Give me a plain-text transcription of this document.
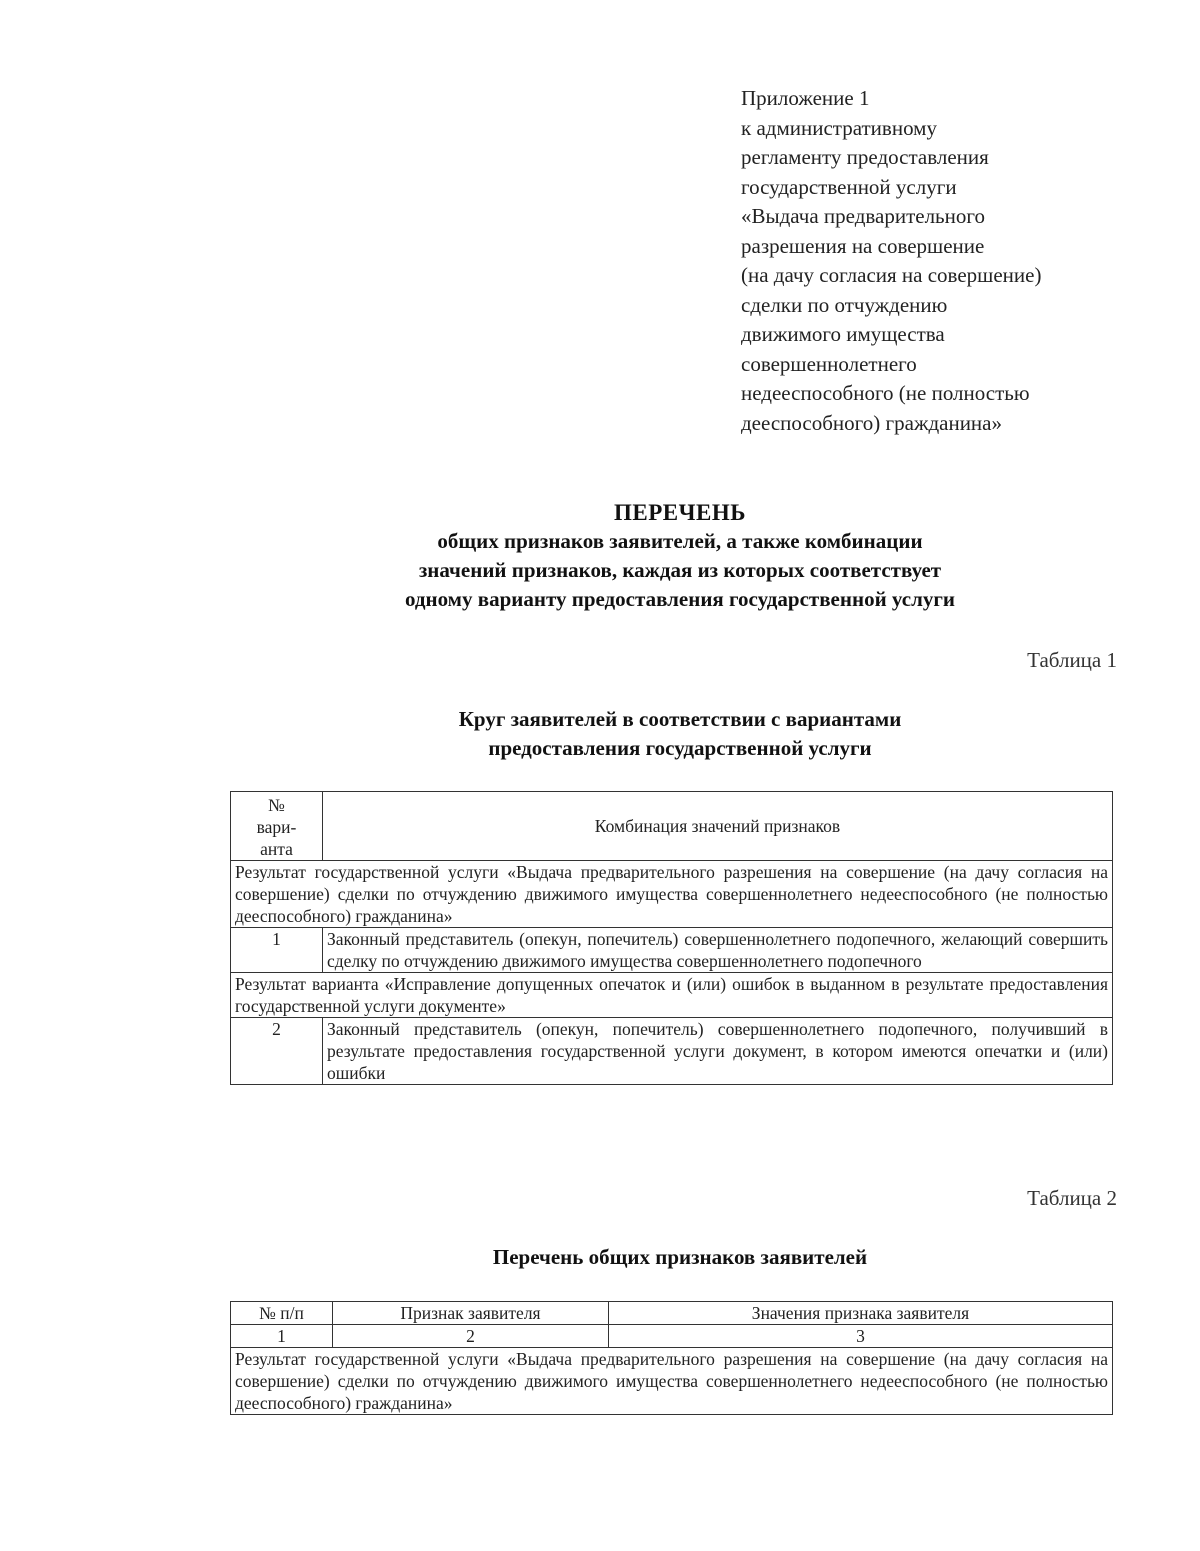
Приложение 1
к административному
регламенту предоставления
государственной услуги
«Выдача предварительного
разрешения на совершение
(на дачу согласия на совершение)
сделки по отчуждению
движимого имущества
совершеннолетнего
недееспособного (не полностью
дееспособного) гражданина»
ПЕРЕЧЕНЬ
общих признаков заявителей, а также комбинации
значений признаков, каждая из которых соответствует
одному варианту предоставления государственной услуги
Таблица 1
Круг заявителей в соответствии с вариантами
предоставления государственной услуги
№
вари-
анта	Комбинация значений признаков
Результат государственной услуги «Выдача предварительного разрешения на совершение (на дачу согласия на совершение) сделки по отчуждению движимого имущества совершеннолетнего недееспособного (не полностью дееспособного) гражданина»	
1	Законный представитель (опекун, попечитель) совершеннолетнего подопечного, желающий совершить сделку по отчуждению движимого имущества совершеннолетнего подопечного
Результат варианта «Исправление допущенных опечаток и (или) ошибок в выданном в результате предоставления государственной услуги документе»	
2	Законный представитель (опекун, попечитель) совершеннолетнего подопечного, получивший в результате предоставления государственной услуги документ, в котором имеются опечатки и (или) ошибки
Таблица 2
Перечень общих признаков заявителей
№ п/п	Признак заявителя	Значения признака заявителя
1	2	3
Результат государственной услуги «Выдача предварительного разрешения на совершение (на дачу согласия на совершение) сделки по отчуждению движимого имущества совершеннолетнего недееспособного (не полностью дееспособного) гражданина»		
